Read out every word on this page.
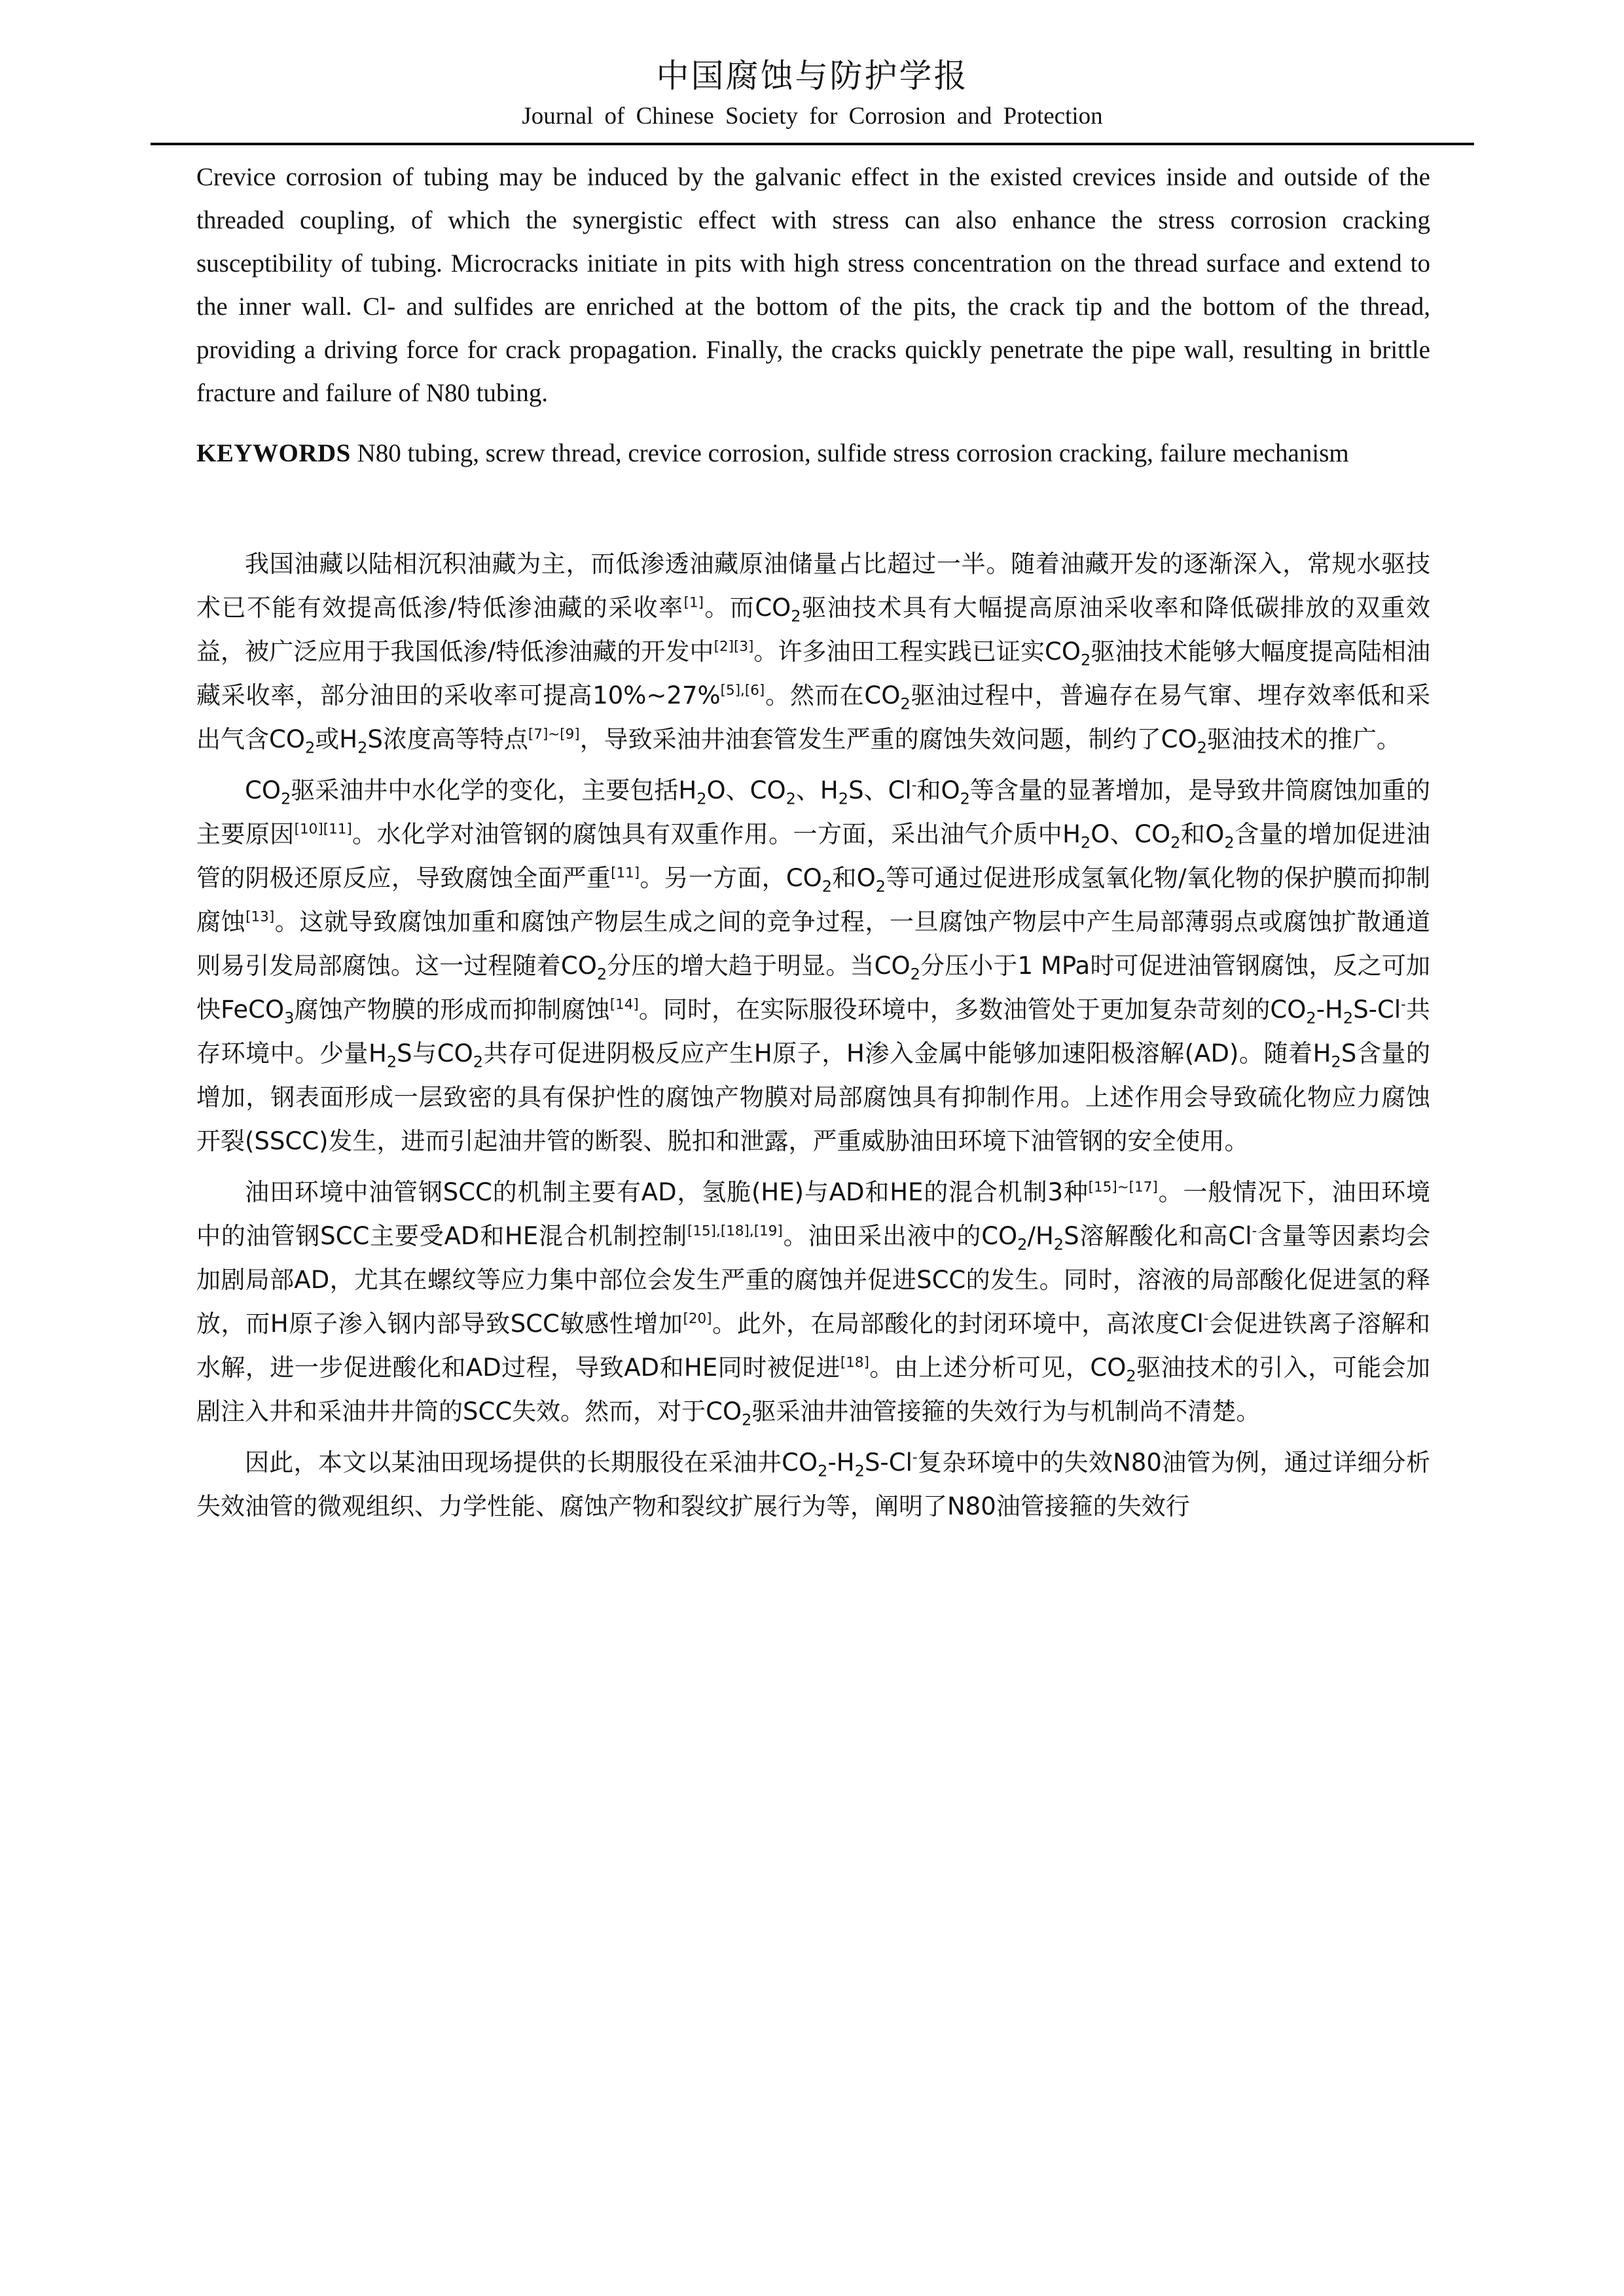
中国腐蚀与防护学报
Journal of Chinese Society for Corrosion and Protection
Crevice corrosion of tubing may be induced by the galvanic effect in the existed crevices inside and outside of the threaded coupling, of which the synergistic effect with stress can also enhance the stress corrosion cracking susceptibility of tubing. Microcracks initiate in pits with high stress concentration on the thread surface and extend to the inner wall. Cl- and sulfides are enriched at the bottom of the pits, the crack tip and the bottom of the thread, providing a driving force for crack propagation. Finally, the cracks quickly penetrate the pipe wall, resulting in brittle fracture and failure of N80 tubing.
KEYWORDS N80 tubing, screw thread, crevice corrosion, sulfide stress corrosion cracking, failure mechanism

我国油藏以陆相沉积油藏为主，而低渗透油藏原油储量占比超过一半。随着油藏开发的逐渐深入，常规水驱技术已不能有效提高低渗/特低渗油藏的采收率[1]。而$CO_2$驱油技术具有大幅提高原油采收率和降低碳排放的双重效益，被广泛应用于我国低渗/特低渗油藏的开发中[2][3]。许多油田工程实践已证实$CO_2$驱油技术能够大幅度提高陆相油藏采收率，部分油田的采收率可提高10%~27%[5],[6]。然而在$CO_2$驱油过程中，普遍存在易气窜、埋存效率低和采出气含$CO_2$或$H_2S$浓度高等特点[7]~[9]，导致采油井油套管发生严重的腐蚀失效问题，制约了$CO_2$驱油技术的推广。

$CO_2$驱采油井中水化学的变化，主要包括$H_2O$、$CO_2$、$H_2S$、Cl-和$O_2$等含量的显著增加，是导致井筒腐蚀加重的主要原因[10][11]。水化学对油管钢的腐蚀具有双重作用。一方面，采出油气介质中$H_2O$、$CO_2$和$O_2$含量的增加促进油管的阴极还原反应，导致腐蚀全面严重[11]。另一方面，$CO_2$和$O_2$等可通过促进形成氢氧化物/氧化物的保护膜而抑制腐蚀[13]。这就导致腐蚀加重和腐蚀产物层生成之间的竞争过程，一旦腐蚀产物层中产生局部薄弱点或腐蚀扩散通道则易引发局部腐蚀。这一过程随着$CO_2$分压的增大趋于明显。当$CO_2$分压小于1 MPa时可促进油管钢腐蚀，反之可加快FeCO$_3$腐蚀产物膜的形成而抑制腐蚀[14]。同时，在实际服役环境中，多数油管处于更加复杂苛刻的$CO_2-H_2S-Cl^-$共存环境中。少量$H_2S$与$CO_2$共存可促进阴极反应产生H原子，H渗入金属中能够加速阳极溶解(AD)。随着$H_2S$含量的增加，钢表面形成一层致密的具有保护性的腐蚀产物膜对局部腐蚀具有抑制作用。上述作用会导致硫化物应力腐蚀开裂(SSCC)发生，进而引起油井管的断裂、脱扣和泄露，严重威胁油田环境下油管钢的安全使用。

油田环境中油管钢SCC的机制主要有AD，氢脆(HE)与AD和HE的混合机制3种[15]~[17]。一般情况下，油田环境中的油管钢SCC主要受AD和HE混合机制控制[15],[18],[19]。油田采出液中的$CO_2/H_2S$溶解酸化和高Cl-含量等因素均会加剧局部AD，尤其在螺纹等应力集中部位会发生严重的腐蚀并促进SCC的发生。同时，溶液的局部酸化促进氢的释放，而H原子渗入钢内部导致SCC敏感性增加[20]。此外，在局部酸化的封闭环境中，高浓度Cl-会促进铁离子溶解和水解，进一步促进酸化和AD过程，导致AD和HE同时被促进[18]。由上述分析可见，$CO_2$驱油技术的引入，可能会加剧注入井和采油井井筒的SCC失效。然而，对于$CO_2$驱采油井油管接箍的失效行为与机制尚不清楚。

因此，本文以某油田现场提供的长期服役在采油井$CO_2-H_2S-Cl^-$复杂环境中的失效N80油管为例，通过详细分析失效油管的微观组织、力学性能、腐蚀产物和裂纹扩展行为等，阐明了N80油管接箍的失效行
